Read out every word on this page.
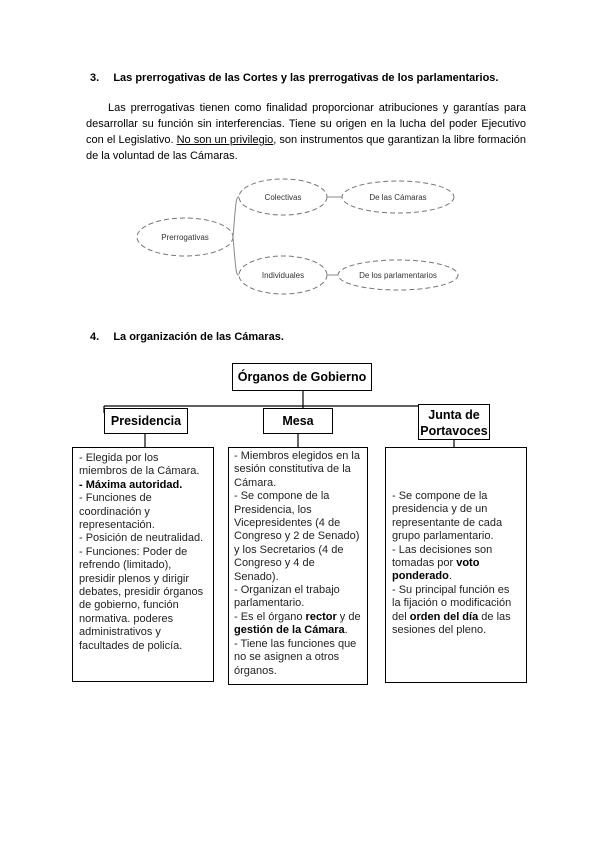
3. Las prerrogativas de las Cortes y las prerrogativas de los parlamentarios.
Las prerrogativas tienen como finalidad proporcionar atribuciones y garantías para desarrollar su función sin interferencias. Tiene su origen en la lucha del poder Ejecutivo con el Legislativo. No son un privilegio, son instrumentos que garantizan la libre formación de la voluntad de las Cámaras.
Prerrogativas
Colectivas	De las Cámaras
Individuales	De los parlamentarios
4. La organización de las Cámaras.
Órganos de Gobierno
Presidencia	Mesa	Junta de
Portavoces
- Elegida por los miembros de la Cámara.
- Máxima autoridad.
- Funciones de coordinación y representación.
- Posición de neutralidad.
- Funciones: Poder de refrendo (limitado), presidir plenos y dirigir debates, presidir órganos de gobierno, función normativa. poderes administrativos y facultades de policía.
- Miembros elegidos en la sesión constitutiva de la Cámara.
- Se compone de la Presidencia, los Vicepresidentes (4 de Congreso y 2 de Senado) y los Secretarios (4 de Congreso y 4 de Senado).
- Organizan el trabajo parlamentario.
- Es el órgano rector y de gestión de la Cámara.
- Tiene las funciones que no se asignen a otros órganos.
- Se compone de la presidencia y de un representante de cada grupo parlamentario.
- Las decisiones son tomadas por voto ponderado.
- Su principal función es la fijación o modificación del orden del día de las sesiones del pleno.
